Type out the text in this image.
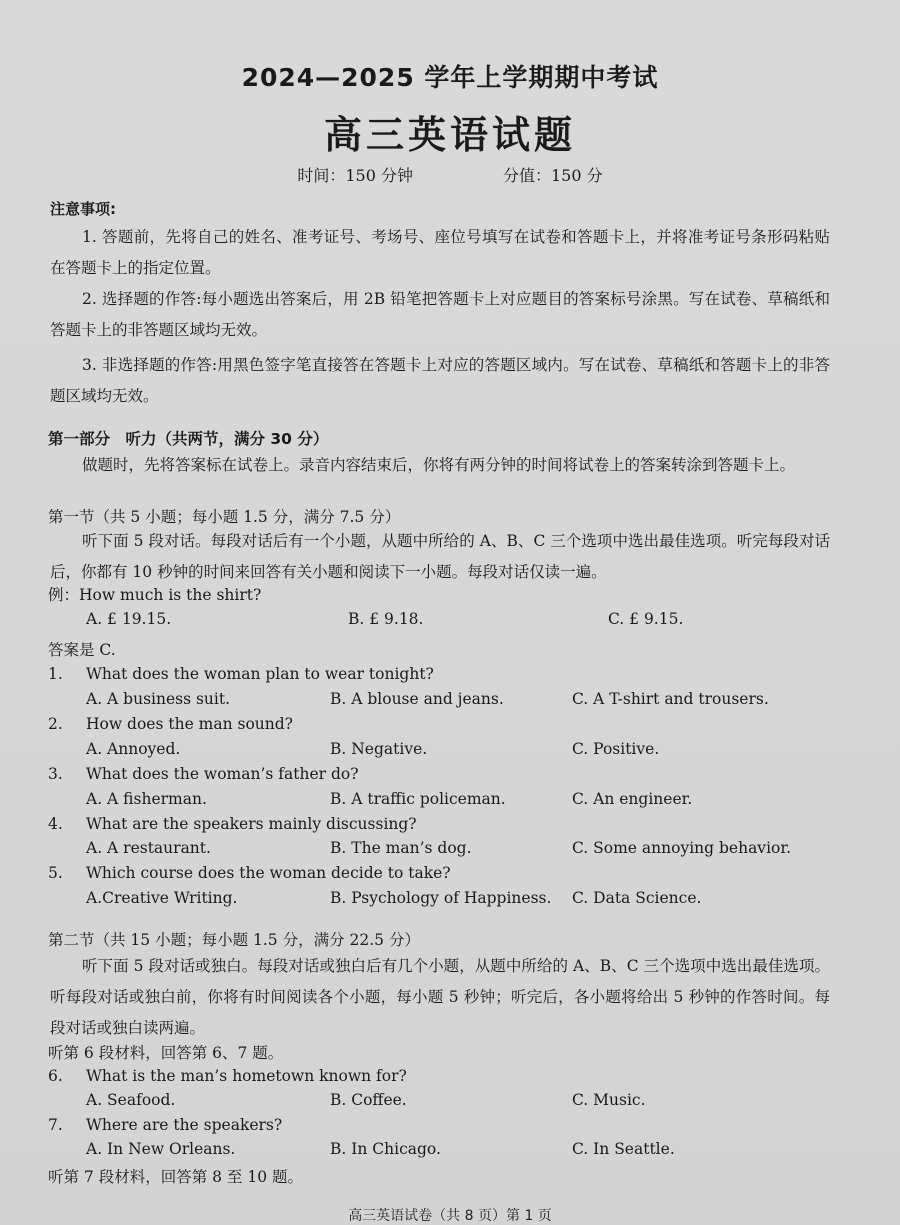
2024—2025 学年上学期期中考试
高三英语试题
时间：150 分钟	分值：150 分
注意事项:
1. 答题前，先将自己的姓名、准考证号、考场号、座位号填写在试卷和答题卡上，并将准考证号条形码粘贴在答题卡上的指定位置。
2. 选择题的作答:每小题选出答案后，用 2B 铅笔把答题卡上对应题目的答案标号涂黑。写在试卷、草稿纸和答题卡上的非答题区域均无效。
3. 非选择题的作答:用黑色签字笔直接答在答题卡上对应的答题区域内。写在试卷、草稿纸和答题卡上的非答题区域均无效。
第一部分　听力（共两节，满分 30 分）
做题时，先将答案标在试卷上。录音内容结束后，你将有两分钟的时间将试卷上的答案转涂到答题卡上。
第一节（共 5 小题；每小题 1.5 分，满分 7.5 分）
听下面 5 段对话。每段对话后有一个小题，从题中所给的 A、B、C 三个选项中选出最佳选项。听完每段对话后，你都有 10 秒钟的时间来回答有关小题和阅读下一小题。每段对话仅读一遍。
例：How much is the shirt?
A. £ 19.15.	B. £ 9.18.	C. £ 9.15.
答案是 C.
1. What does the woman plan to wear tonight?
A. A business suit.	B. A blouse and jeans.	C. A T-shirt and trousers.
2. How does the man sound?
A. Annoyed.	B. Negative.	C. Positive.
3. What does the woman’s father do?
A. A fisherman.	B. A traffic policeman.	C. An engineer.
4. What are the speakers mainly discussing?
A. A restaurant.	B. The man’s dog.	C. Some annoying behavior.
5. Which course does the woman decide to take?
A.Creative Writing.	B. Psychology of Happiness. C. Data Science.
第二节（共 15 小题；每小题 1.5 分，满分 22.5 分）
听下面 5 段对话或独白。每段对话或独白后有几个小题，从题中所给的 A、B、C 三个选项中选出最佳选项。听每段对话或独白前，你将有时间阅读各个小题，每小题 5 秒钟；听完后，各小题将给出 5 秒钟的作答时间。每段对话或独白读两遍。
听第 6 段材料，回答第 6、7 题。
6. What is the man’s hometown known for?
A. Seafood.	B. Coffee.	C. Music.
7. Where are the speakers?
A. In New Orleans.	B. In Chicago.	C. In Seattle.
听第 7 段材料，回答第 8 至 10 题。
高三英语试卷（共 8 页）第 1 页
